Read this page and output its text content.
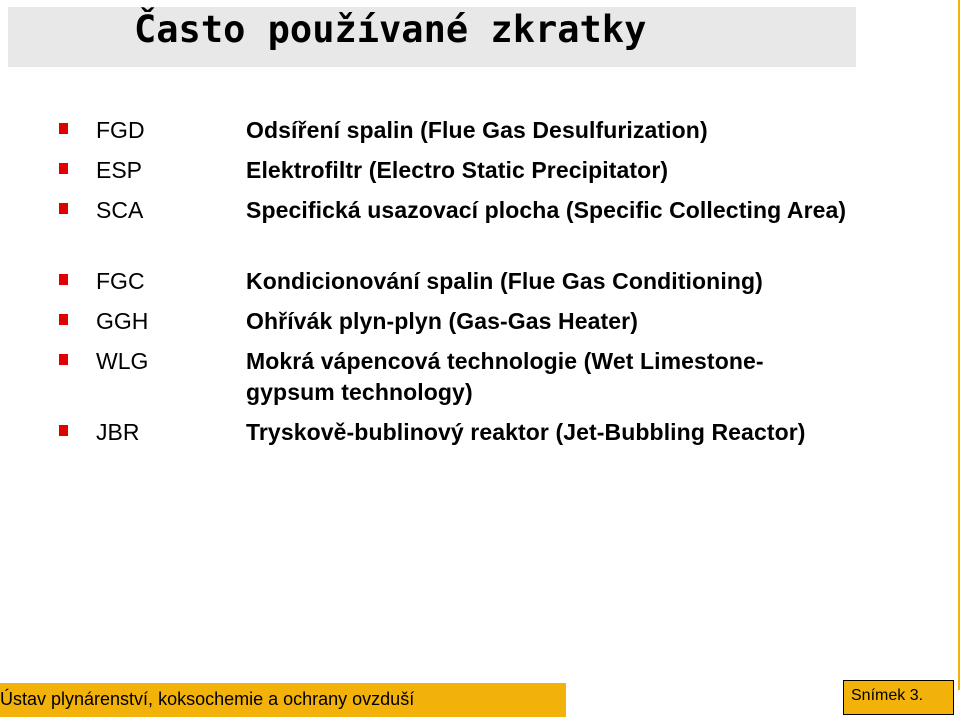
Často používané zkratky
FGD	Odsíření spalin (Flue Gas Desulfurization)
ESP	Elektrofiltr (Electro Static Precipitator)
SCA	Specifická usazovací plocha (Specific Collecting Area)
FGC	Kondicionování spalin (Flue Gas Conditioning)
GGH	Ohřívák plyn-plyn (Gas-Gas Heater)
WLG	Mokrá vápencová technologie (Wet Limestone-gypsum technology)
JBR	Tryskově-bublinový reaktor (Jet-Bubbling Reactor)
Ústav plynárenství, koksochemie a ochrany ovzduší	Snímek 3.
